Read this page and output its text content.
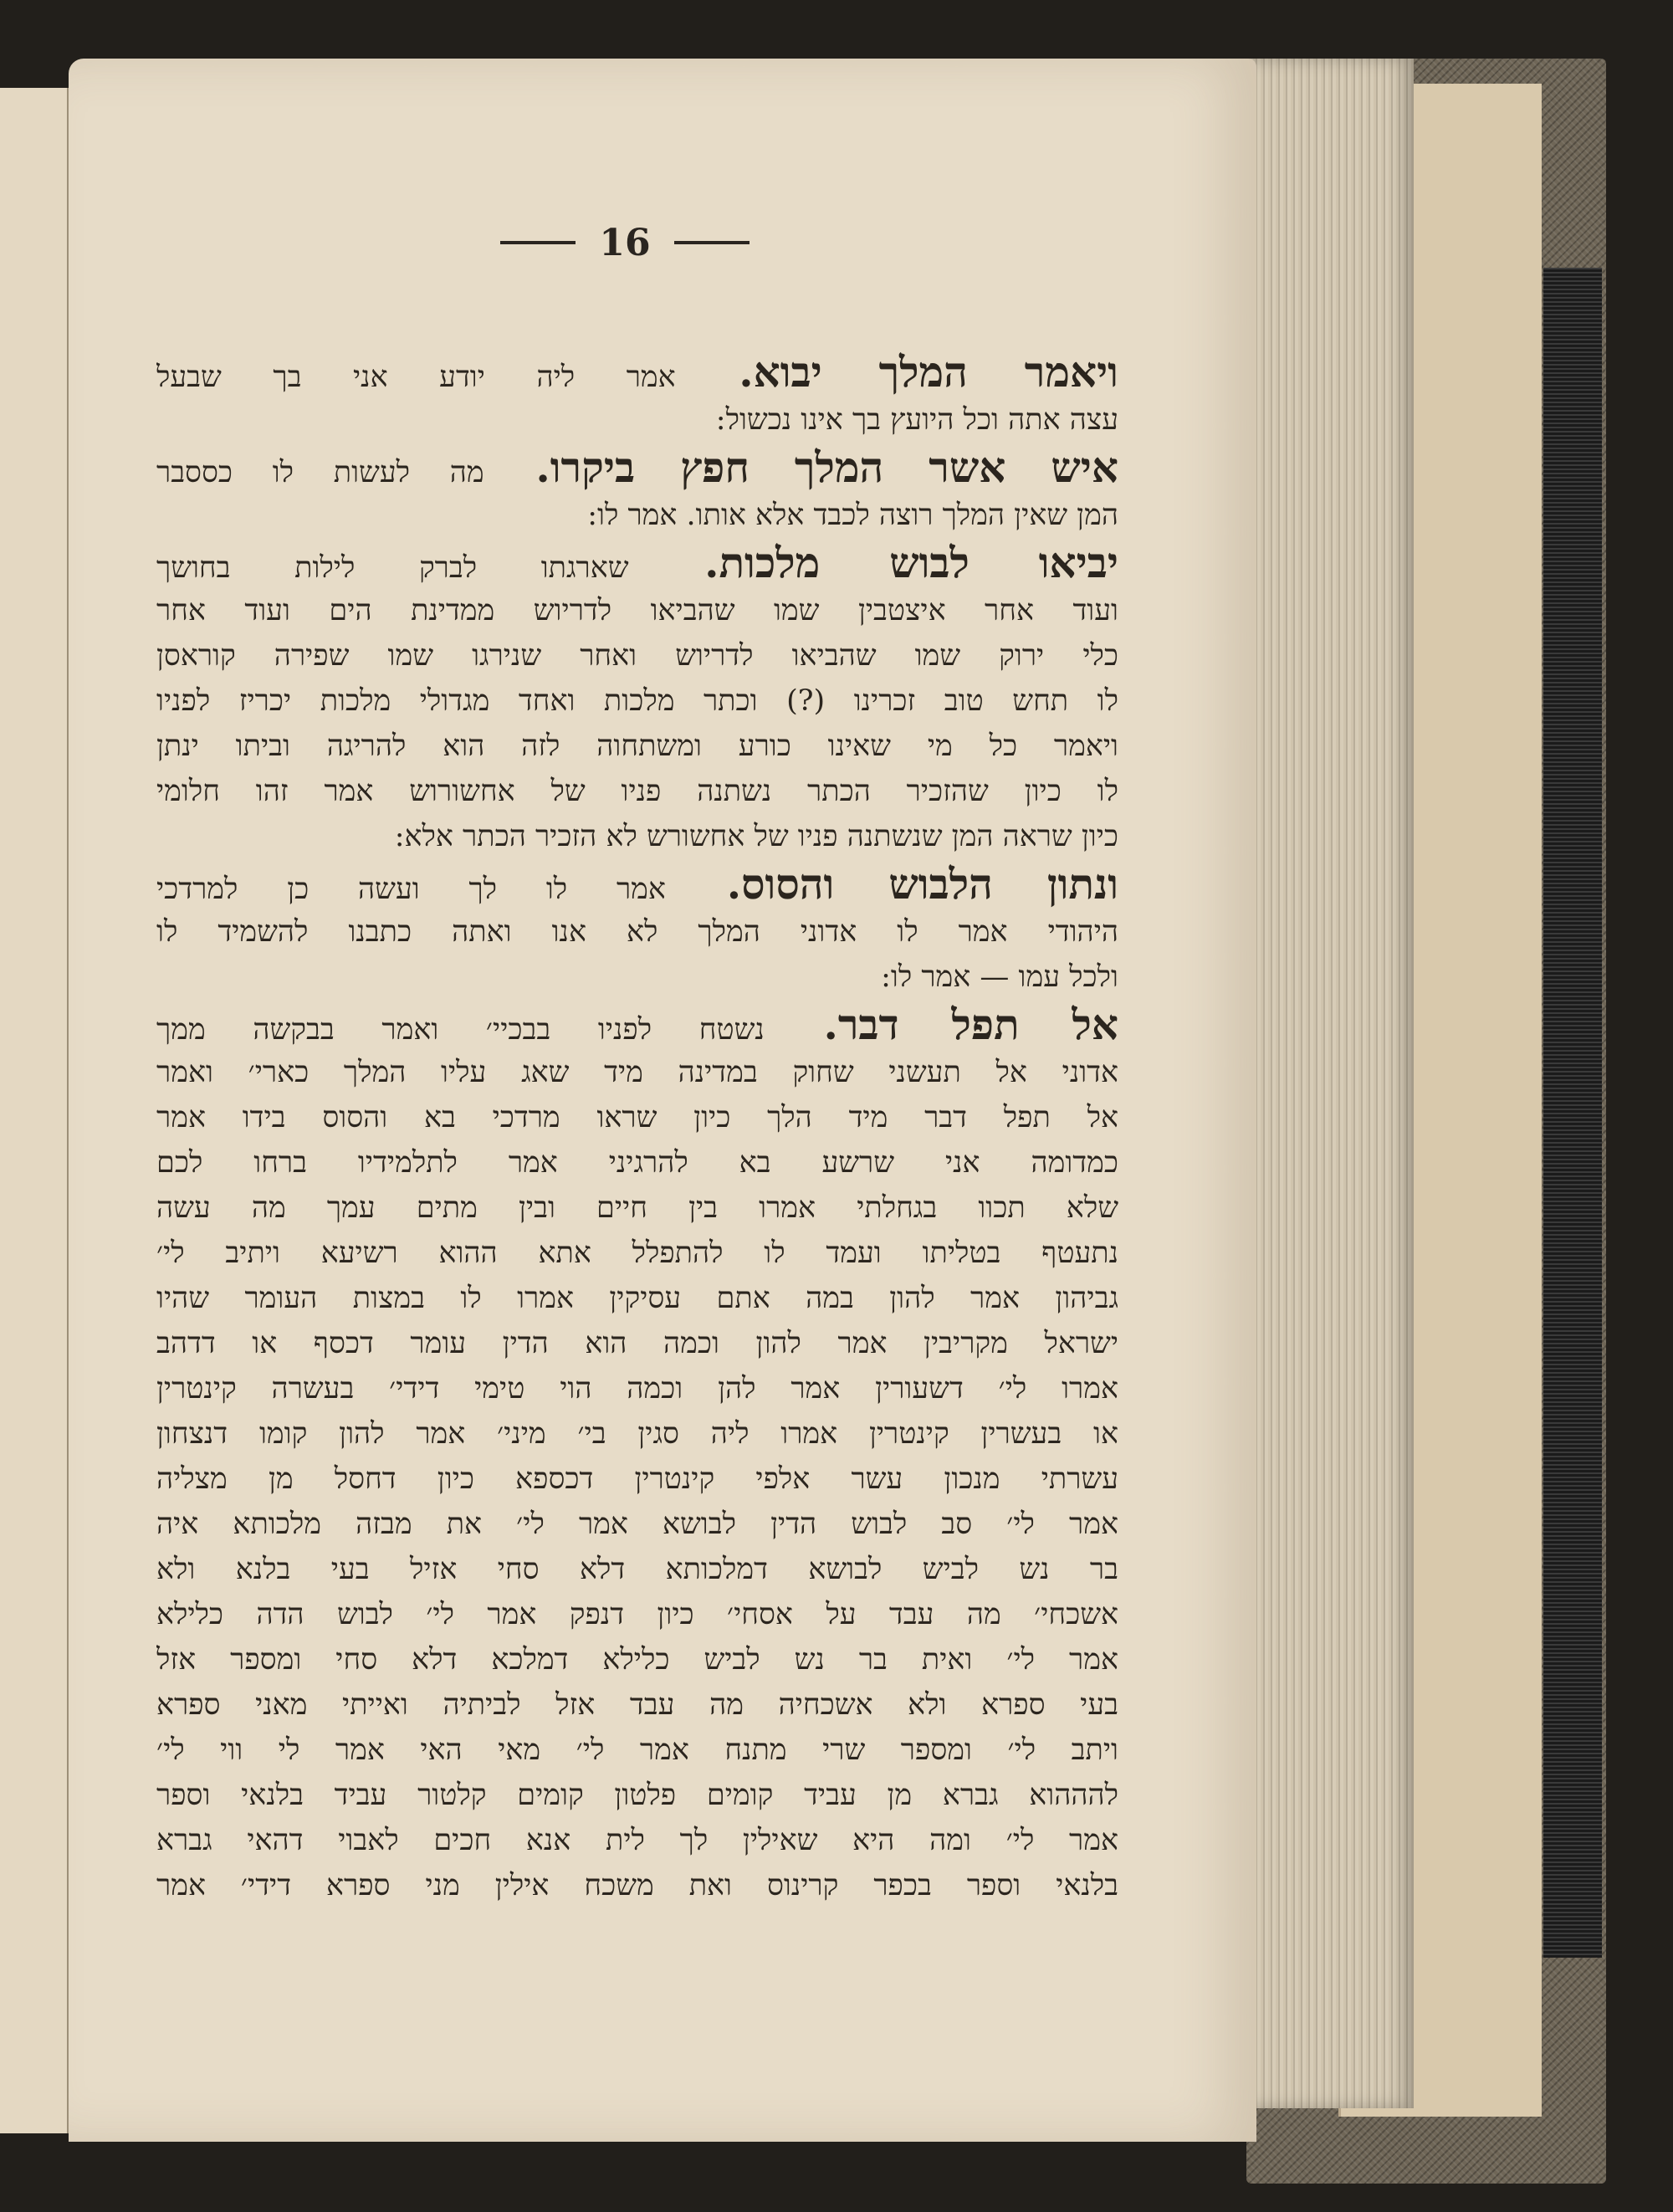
16
ויאמר המלך יבוא. אמר ליה יודע אני בך שבעל
עצה אתה וכל היועץ בך אינו נכשול:
איש אשר המלך חפץ ביקרו. מה לעשות לו כססבר
המן שאין המלך רוצה לכבד אלא אותו. אמר לו:
יביאו לבוש מלכות. שארגתו לברק לילות בחושך
ועוד אחר איצטבין שמו שהביאו לדריוש ממדינת הים ועוד אחר
כלי ירוק שמו שהביאו לדריוש ואחר שנירגו שמו שפירה קוראסן
לו תחש טוב זכרינו (?) וכתר מלכות ואחד מגדולי מלכות יכריז לפניו
ויאמר כל מי שאינו כורע ומשתחוה לזה הוא להריגה וביתו ינתן
לו כיון שהזכיר הכתר נשתנה פניו של אחשורוש אמר זהו חלומי
כיון שראה המן שנשתנה פניו של אחשורש לא הזכיר הכתר אלא:
ונתון הלבוש והסוס. אמר לו לך ועשה כן למרדכי
היהודי אמר לו אדוני המלך לא אנו ואתה כתבנו להשמיד לו
ולכל עמו — אמר לו:
אל תפל דבר. נשטח לפניו בבכיי׳ ואמר בבקשה ממך
אדוני אל תעשני שחוק במדינה מיד שאג עליו המלך כארי׳ ואמר
אל תפל דבר מיד הלך כיון שראו מרדכי בא והסוס בידו אמר
כמדומה אני שרשע בא להרגיני אמר לתלמידיו ברחו לכם
שלא תכוו בגחלתי אמרו בין חיים ובין מתים עמך מה עשה
נתעטף בטליתו ועמד לו להתפלל אתא ההוא רשיעא ויתיב לי׳
גביהון אמר להון במה אתם עסיקין אמרו לו במצות העומר שהיו
ישראל מקריבין אמר להון וכמה הוא הדין עומר דכסף או דדהב
אמרו לי׳ דשעורין אמר להן וכמה הוי טימי דידי׳ בעשרה קינטרין
או בעשרין קינטרין אמרו ליה סגין בי׳ מיני׳ אמר להון קומו דנצחון
עשרתי מנכון עשר אלפי קינטרין דכספא כיון דחסל מן מצליה
אמר לי׳ סב לבוש הדין לבושא אמר לי׳ את מבזה מלכותא איה
בר נש לביש לבושא דמלכותא דלא סחי אזיל בעי בלנא ולא
אשכחי׳ מה עבד על אסחי׳ כיון דנפק אמר לי׳ לבוש הדה כלילא
אמר לי׳ ואית בר נש לביש כלילא דמלכא דלא סחי ומספר אזל
בעי ספרא ולא אשכחיה מה עבד אזל לביתיה ואייתי מאני ספרא
ויתב לי׳ ומספר שרי מתנח אמר לי׳ מאי האי אמר לי ווי לי׳
להההוא גברא מן עביד קומים פלטון קומים קלטור עביד בלנאי וספר
אמר לי׳ ומה היא שאילין לך לית אנא חכים לאבוי דהאי גברא
בלנאי וספר בכפר קרינוס ואת משכח אילין מני ספרא דידי׳ אמר
